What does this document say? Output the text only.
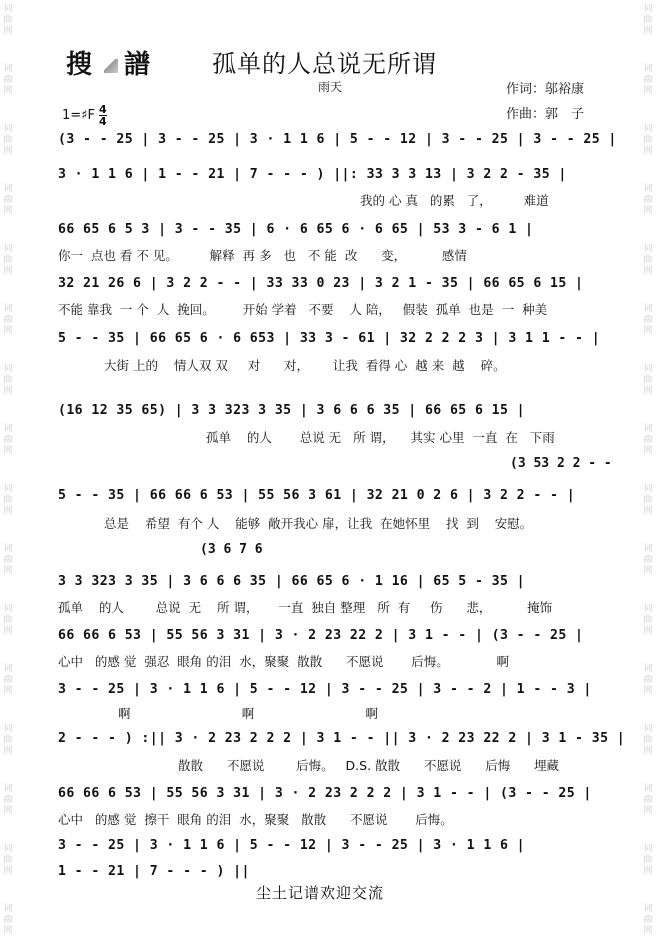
词
曲
网
词
曲
网
词
曲
网
词
曲
网
词
曲
网
词
曲
网
词
曲
网
词
曲
网
词
曲
网
词
曲
网
词
曲
网
词
曲
网
词
曲
网
词
曲
网
词
曲
网
词
曲
网
词
曲
网
词
曲
网
词
曲
网
词
曲
网
词
曲
网
词
曲
网
词
曲
网
词
曲
网
词
曲
网
词
曲
网
词
曲
网
词
曲
网
词
曲
网
词
曲
网
词
曲
网
词
曲
网
搜 譜 孤单的人总说无所谓
雨天
1=♯F $\frac{4}{4}$
作词：邬裕康
作曲：郭　子
(3 - - 25 | 3 - - 25 | 3 · 1 1 6 | 5 - - 12 | 3 - - 25 | 3 - - 25 |
3 · 1 1 6 | 1 - - 21 | 7 - - - ) ||: 33 3 3 13 | 3 2 2 - 35 |
我的 心 真   的累   了，        难道
66 65 6 5 3 | 3 - - 35 | 6 · 6 65 6 · 6 65 | 53 3 - 6 1 |
你一  点也 看 不 见。        解释  再 多   也   不 能  改      变，         感情
32 21 26 6 | 3 2 2 - - | 33 33 0 23 | 3 2 1 - 35 | 66 65 6 15 |
不能 靠我  一 个  人  挽回。       开始 学着   不要    人 陪，   假装  孤单  也是  一  种美
5 - - 35 | 66 65 6 · 6 653 | 33 3 - 61 | 32 2 2 2 3 | 3 1 1 - - |
大街 上的    情人双 双     对      对，      让我  看得 心  越 来  越    碎。
(16 12 35 65) | 3 3 323 3 35 | 3 6 6 6 35 | 66 65 6 15 |
孤单    的人       总说 无   所 谓，    其实 心里  一直  在   下雨
(3 53 2 2 - -
5 - - 35 | 66 66 6 53 | 55 56 3 61 | 32 21 0 2 6 | 3 2 2 - - |
总是    希望  有个 人    能够  敞开我心 扉，让我  在她怀里    找  到    安慰。
(3 6 7 6
3 3 323 3 35 | 3 6 6 6 35 | 66 65 6 · 1 16 | 65 5 - 35 |
孤单    的人        总说  无    所 谓，     一直  独自 整理   所  有     伤      悲，         掩饰
66 66 6 53 | 55 56 3 31 | 3 · 2 23 22 2 | 3 1 - - | (3 - - 25 |
心中   的感 觉  强忍  眼角 的泪  水，聚聚  散散      不愿说       后悔。            啊
3 - - 25 | 3 · 1 1 6 | 5 - - 12 | 3 - - 25 | 3 - - 2 | 1 - - 3 |
啊                            啊                            啊
2 - - - ) :|| 3 · 2 23 2 2 2 | 3 1 - - || 3 · 2 23 22 2 | 3 1 - 35 |
散散      不愿说        后悔。   D.S. 散散      不愿说      后悔      埋藏
66 66 6 53 | 55 56 3 31 | 3 · 2 23 2 2 2 | 3 1 - - | (3 - - 25 |
心中   的感 觉  擦干  眼角 的泪  水，聚聚   散散      不愿说       后悔。
3 - - 25 | 3 · 1 1 6 | 5 - - 12 | 3 - - 25 | 3 · 1 1 6 |
1 - - 21 | 7 - - - ) ||
尘土记谱欢迎交流
